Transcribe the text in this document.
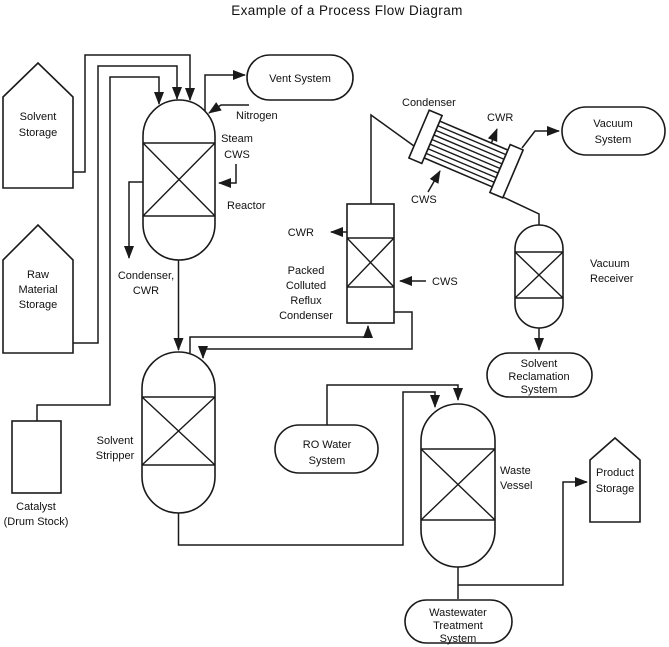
Example of a Process Flow Diagram
Solvent
Storage
Raw
Material
Storage
Catalyst
(Drum Stock)
Reactor
Solvent
Stripper
Packed
Colluted
Reflux
Condenser
Condenser
Vacuum
Receiver
Waste
Vessel
Product
Storage
Vent System
Vacuum
System
Solvent
Reclamation
System
RO Water
System
Wastewater
Treatment
System
Nitrogen
Steam
CWS
Condenser,
CWR
CWR
CWS
CWS
CWR
